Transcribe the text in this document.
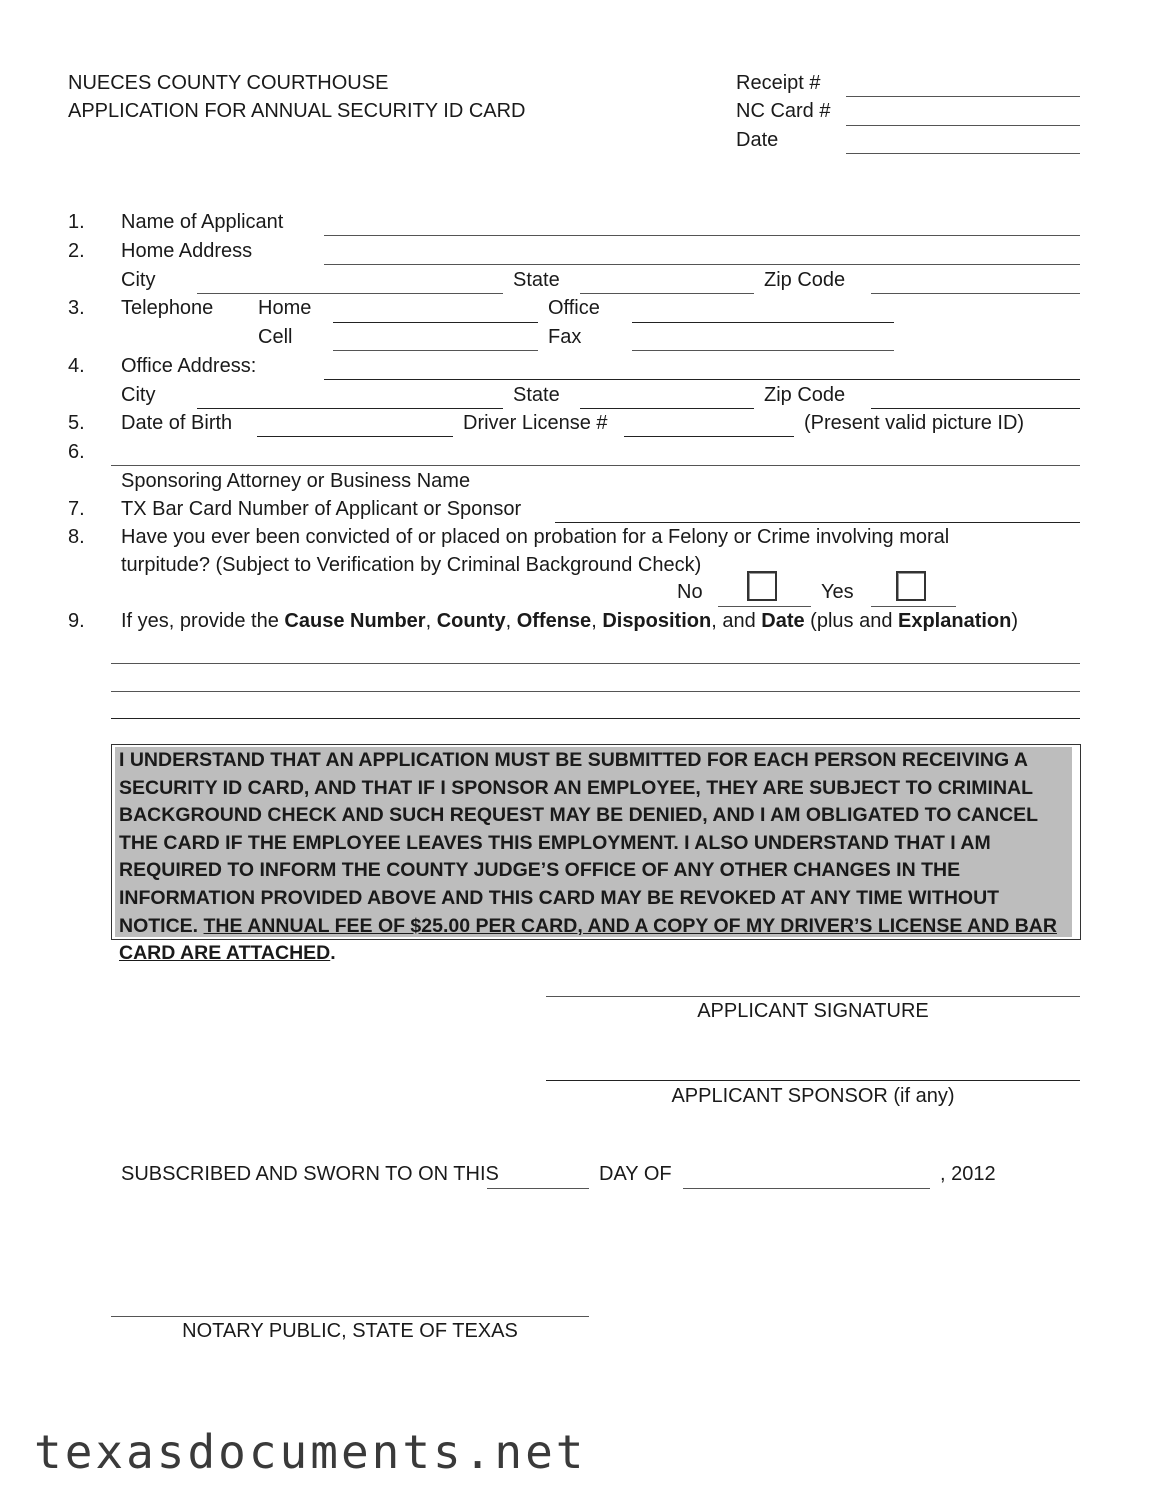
NUECES COUNTY COURTHOUSE
APPLICATION FOR ANNUAL SECURITY ID CARD
Receipt #
NC Card #
Date
1. Name of Applicant
2. Home Address
City	State	Zip Code
3. Telephone Home	Office
Cell	Fax
4. Office Address:
City	State	Zip Code
5. Date of Birth	Driver License #	(Present valid picture ID)
6.
Sponsoring Attorney or Business Name
7. TX Bar Card Number of Applicant or Sponsor
8. Have you ever been convicted of or placed on probation for a Felony or Crime involving moral
turpitude? (Subject to Verification by Criminal Background Check)
No	Yes
9. If yes, provide the Cause Number, County, Offense, Disposition, and Date (plus and Explanation)
I UNDERSTAND THAT AN APPLICATION MUST BE SUBMITTED FOR EACH PERSON RECEIVING A SECURITY ID CARD, AND THAT IF I SPONSOR AN EMPLOYEE, THEY ARE SUBJECT TO CRIMINAL BACKGROUND CHECK AND SUCH REQUEST MAY BE DENIED, AND I AM OBLIGATED TO CANCEL THE CARD IF THE EMPLOYEE LEAVES THIS EMPLOYMENT. I ALSO UNDERSTAND THAT I AM REQUIRED TO INFORM THE COUNTY JUDGE’S OFFICE OF ANY OTHER CHANGES IN THE INFORMATION PROVIDED ABOVE AND THIS CARD MAY BE REVOKED AT ANY TIME WITHOUT NOTICE. THE ANNUAL FEE OF $25.00 PER CARD, AND A COPY OF MY DRIVER’S LICENSE AND BAR CARD ARE ATTACHED.
APPLICANT SIGNATURE
APPLICANT SPONSOR (if any)
SUBSCRIBED AND SWORN TO ON THIS	DAY OF	, 2012
NOTARY PUBLIC, STATE OF TEXAS
texasdocuments.net
